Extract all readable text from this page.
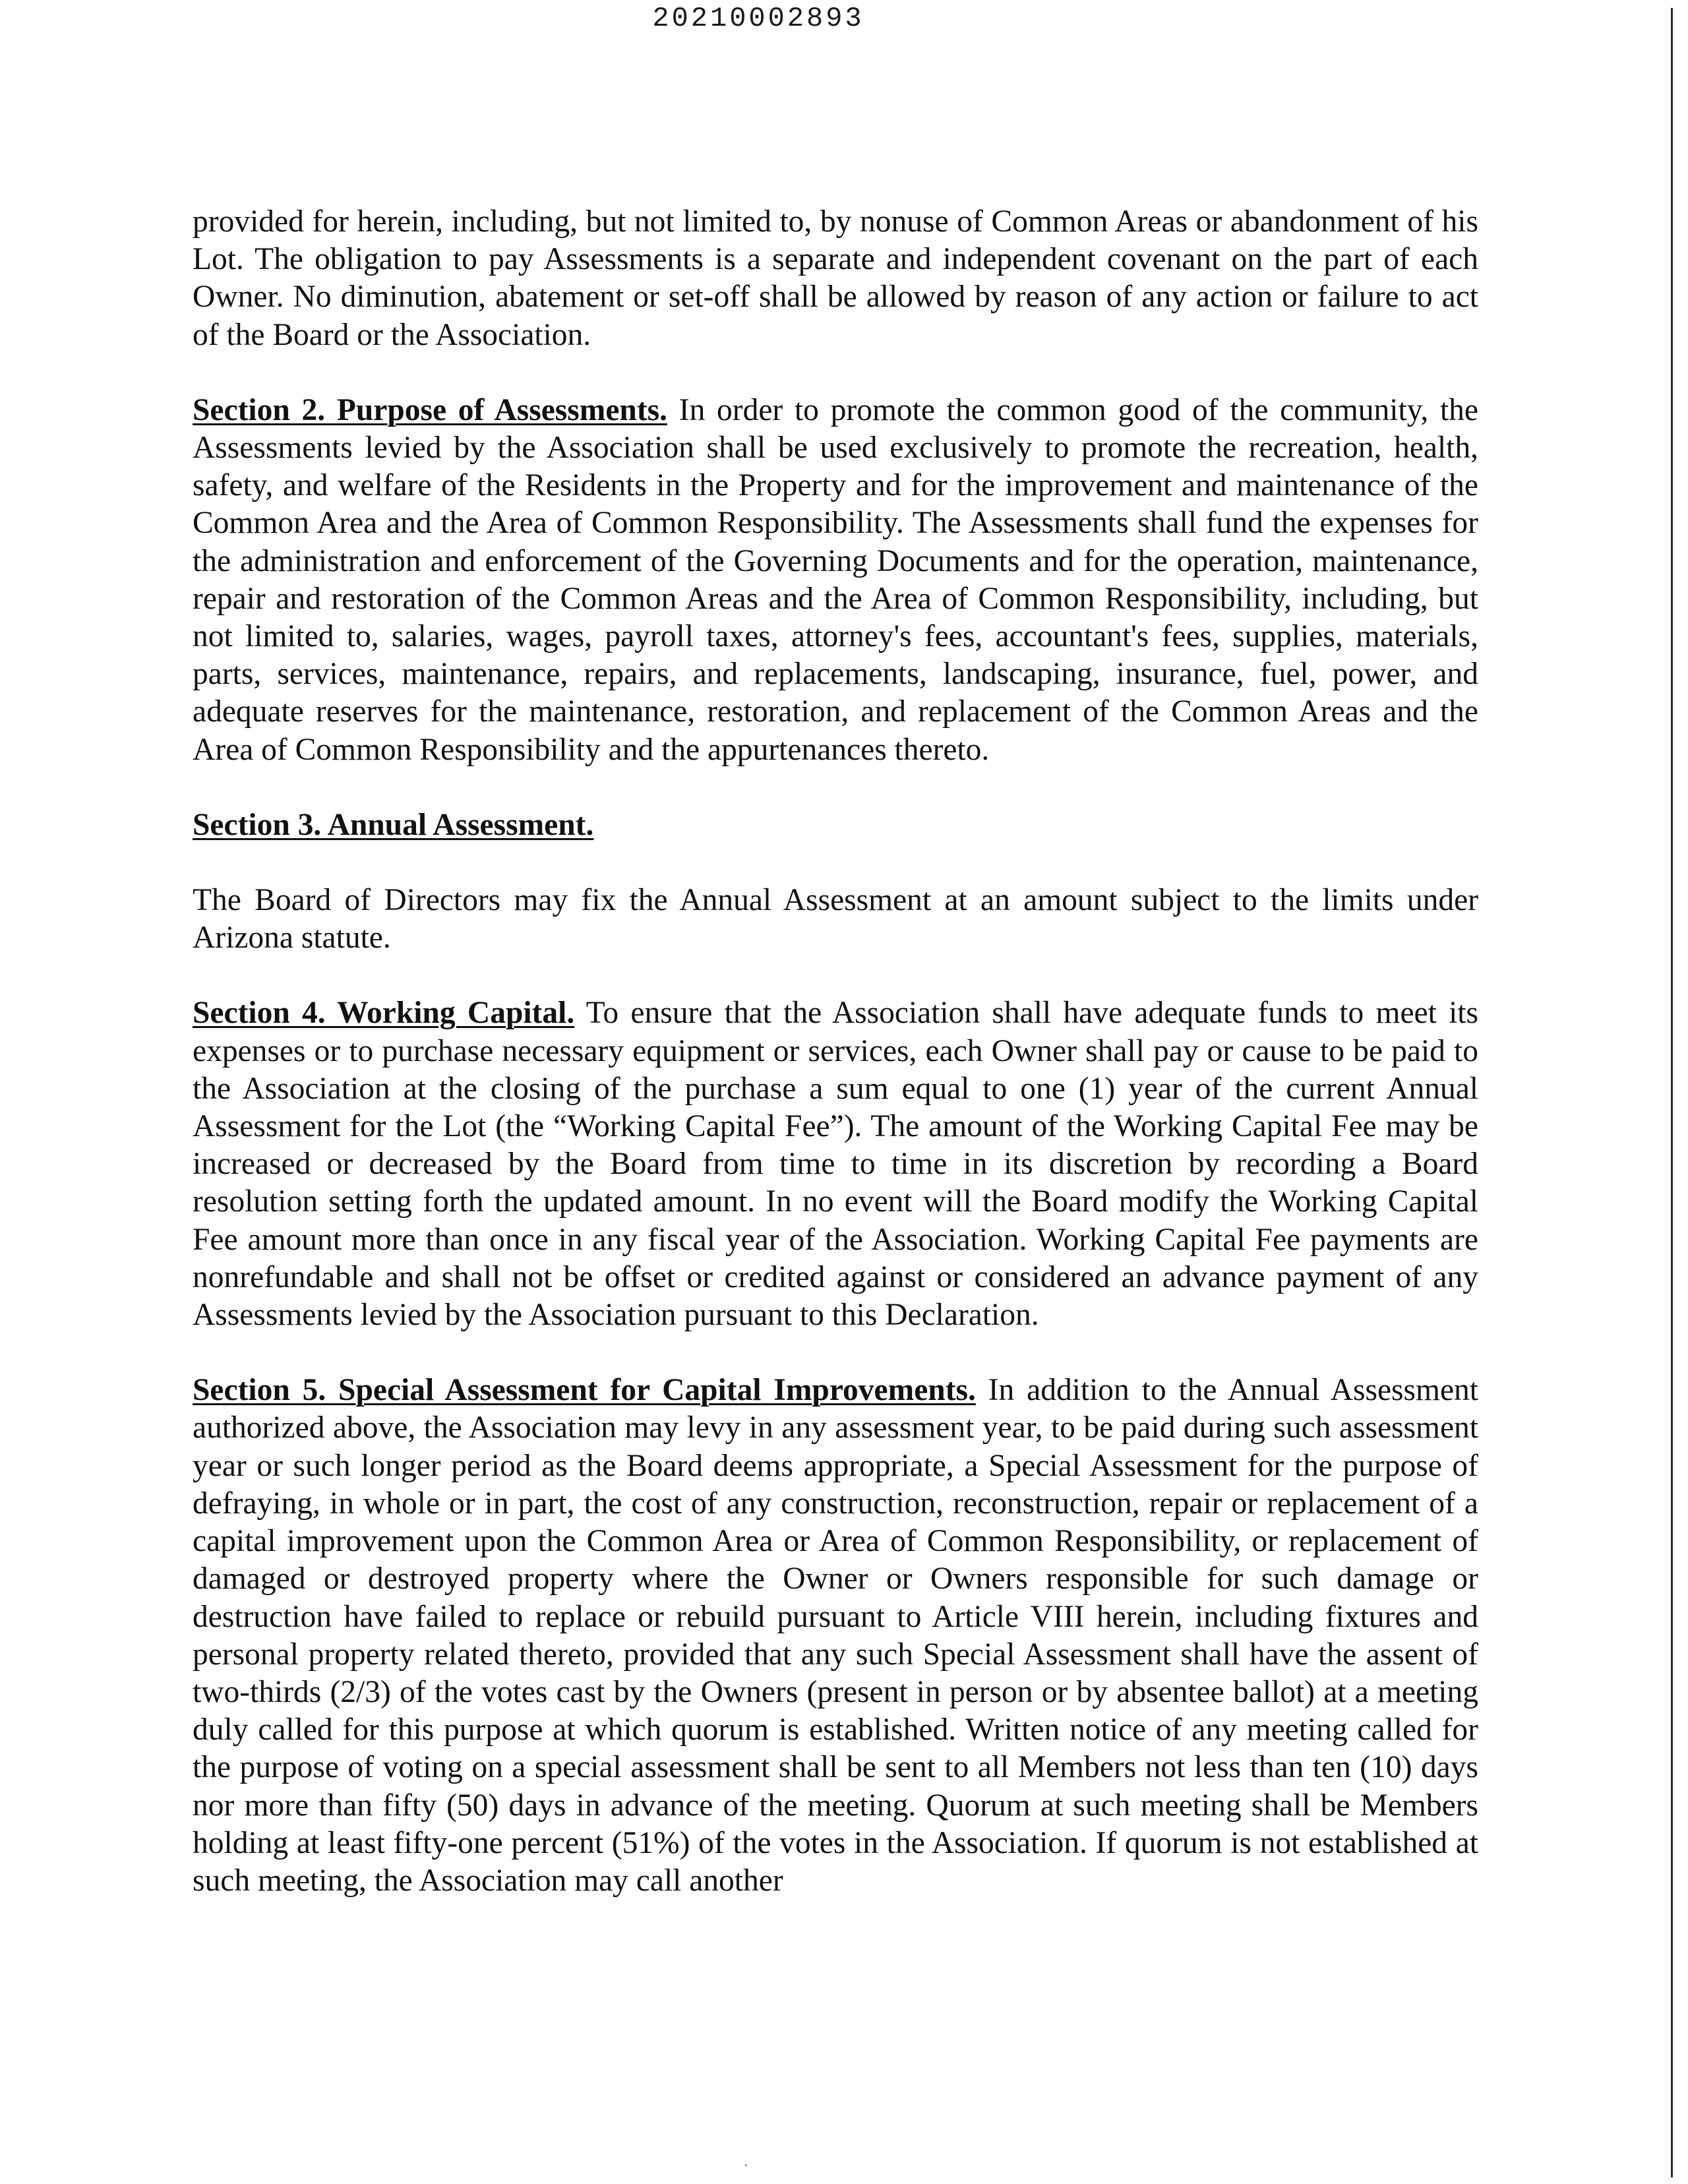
20210002893

provided for herein, including, but not limited to, by nonuse of Common Areas or abandonment of his Lot. The obligation to pay Assessments is a separate and independent covenant on the part of each Owner. No diminution, abatement or set-off shall be allowed by reason of any action or failure to act of the Board or the Association.

Section 2. Purpose of Assessments. In order to promote the common good of the community, the Assessments levied by the Association shall be used exclusively to promote the recreation, health, safety, and welfare of the Residents in the Property and for the improvement and maintenance of the Common Area and the Area of Common Responsibility. The Assessments shall fund the expenses for the administration and enforcement of the Governing Documents and for the operation, maintenance, repair and restoration of the Common Areas and the Area of Common Responsibility, including, but not limited to, salaries, wages, payroll taxes, attorney's fees, accountant's fees, supplies, materials, parts, services, maintenance, repairs, and replacements, landscaping, insurance, fuel, power, and adequate reserves for the maintenance, restoration, and replacement of the Common Areas and the Area of Common Responsibility and the appurtenances thereto.

Section 3. Annual Assessment.

The Board of Directors may fix the Annual Assessment at an amount subject to the limits under Arizona statute.

Section 4. Working Capital. To ensure that the Association shall have adequate funds to meet its expenses or to purchase necessary equipment or services, each Owner shall pay or cause to be paid to the Association at the closing of the purchase a sum equal to one (1) year of the current Annual Assessment for the Lot (the “Working Capital Fee”). The amount of the Working Capital Fee may be increased or decreased by the Board from time to time in its discretion by recording a Board resolution setting forth the updated amount. In no event will the Board modify the Working Capital Fee amount more than once in any fiscal year of the Association. Working Capital Fee payments are nonrefundable and shall not be offset or credited against or considered an advance payment of any Assessments levied by the Association pursuant to this Declaration.

Section 5. Special Assessment for Capital Improvements. In addition to the Annual Assessment authorized above, the Association may levy in any assessment year, to be paid during such assessment year or such longer period as the Board deems appropriate, a Special Assessment for the purpose of defraying, in whole or in part, the cost of any construction, reconstruction, repair or replacement of a capital improvement upon the Common Area or Area of Common Responsibility, or replacement of damaged or destroyed property where the Owner or Owners responsible for such damage or destruction have failed to replace or rebuild pursuant to Article VIII herein, including fixtures and personal property related thereto, provided that any such Special Assessment shall have the assent of two-thirds (2/3) of the votes cast by the Owners (present in person or by absentee ballot) at a meeting duly called for this purpose at which quorum is established. Written notice of any meeting called for the purpose of voting on a special assessment shall be sent to all Members not less than ten (10) days nor more than fifty (50) days in advance of the meeting. Quorum at such meeting shall be Members holding at least fifty-one percent (51%) of the votes in the Association. If quorum is not established at such meeting, the Association may call another
